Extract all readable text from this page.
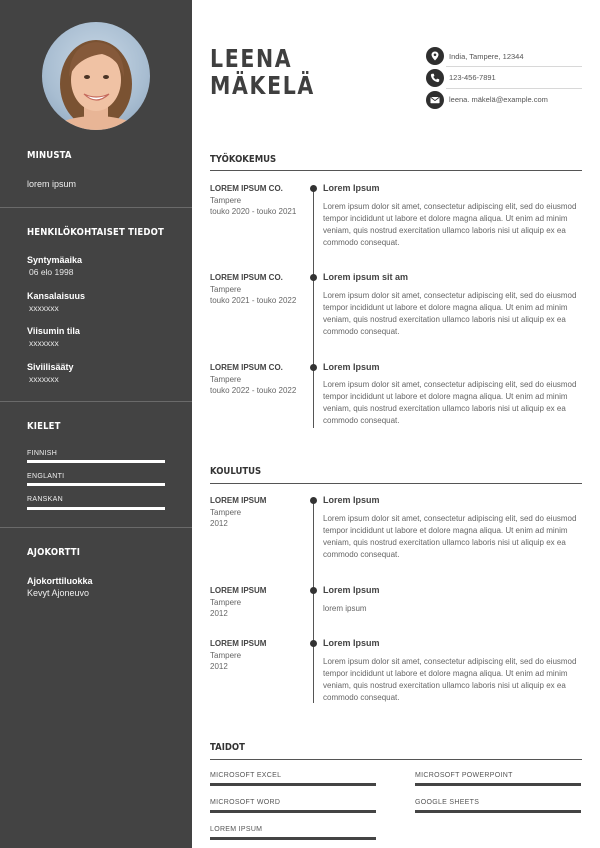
MINUSTA
lorem ipsum
HENKILÖKOHTAISET TIEDOT
Syntymäaika
06 elo 1998
Kansalaisuus
xxxxxxx
Viisumin tila
xxxxxxx
Siviilisääty
xxxxxxx
KIELET
FINNISH
ENGLANTI
RANSKAN
AJOKORTTI
Ajokorttiluokka
Kevyt Ajoneuvo
LEENA
MÄKELÄ
India, Tampere, 12344
123-456-7891
leena. mäkelä@example.com
TYÖKOKEMUS
LOREM IPSUM CO.
Tampere
touko 2020 - touko 2021
Lorem Ipsum
Lorem ipsum dolor sit amet, consectetur adipiscing elit, sed do eiusmod tempor incididunt ut labore et dolore magna aliqua. Ut enim ad minim veniam, quis nostrud exercitation ullamco laboris nisi ut aliquip ex ea commodo consequat.
LOREM IPSUM CO.
Tampere
touko 2021 - touko 2022
Lorem ipsum sit am
Lorem ipsum dolor sit amet, consectetur adipiscing elit, sed do eiusmod tempor incididunt ut labore et dolore magna aliqua. Ut enim ad minim veniam, quis nostrud exercitation ullamco laboris nisi ut aliquip ex ea commodo consequat.
LOREM IPSUM CO.
Tampere
touko 2022 - touko 2022
Lorem Ipsum
Lorem ipsum dolor sit amet, consectetur adipiscing elit, sed do eiusmod tempor incididunt ut labore et dolore magna aliqua. Ut enim ad minim veniam, quis nostrud exercitation ullamco laboris nisi ut aliquip ex ea commodo consequat.
KOULUTUS
LOREM IPSUM
Tampere
2012
Lorem Ipsum
Lorem ipsum dolor sit amet, consectetur adipiscing elit, sed do eiusmod tempor incididunt ut labore et dolore magna aliqua. Ut enim ad minim veniam, quis nostrud exercitation ullamco laboris nisi ut aliquip ex ea commodo consequat.
LOREM IPSUM
Tampere
2012
Lorem Ipsum
lorem ipsum
LOREM IPSUM
Tampere
2012
Lorem Ipsum
Lorem ipsum dolor sit amet, consectetur adipiscing elit, sed do eiusmod tempor incididunt ut labore et dolore magna aliqua. Ut enim ad minim veniam, quis nostrud exercitation ullamco laboris nisi ut aliquip ex ea commodo consequat.
TAIDOT
MICROSOFT EXCEL	MICROSOFT POWERPOINT
MICROSOFT WORD	GOOGLE SHEETS
LOREM IPSUM
